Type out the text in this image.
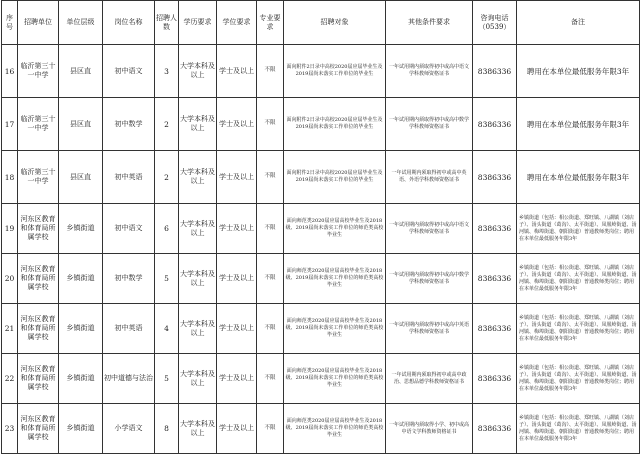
序号	招聘单位	单位层级	岗位名称	招聘人数	学历要求	学位要求	专业要求	招聘对象	其他条件要求	咨询电话（0539）	备注
16	临沂第三十一中学	县区直	初中语文	3	大学本科及以上	学士及以上	不限	面向附件2日录中高校2020届应届毕业生及2019届尚未落实工作单位的毕业生	一年试用期内须取得初中或高中语文学科教师资格证书	8386336	聘用在本单位最低服务年限3年
17	临沂第三十一中学	县区直	初中数学	2	大学本科及以上	学士及以上	不限	面向附件2日录中高校2020届应届毕业生及2019届尚未落实工作单位的毕业生	一年试用期内须取得初中或高中数学学科教师资格证书	8386336	聘用在本单位最低服务年限3年
18	临沂第三十一中学	县区直	初中英语	2	大学本科及以上	学士及以上	不限	面向附件2日录中高校2020届应届毕业生及2019届尚未落实工作单位的毕业生	一年试用期内须取得初中或高中英语、外语学科教师资格证书	8386336	聘用在本单位最低服务年限3年
19	河东区教育和体育局所属学校	乡镇街道	初中语文	6	大学本科及以上	学士及以上	不限	面向师范类2020届应届高校毕业生及2018级、2019届尚未落实工作单位的师范类高校毕业生	一年试用期内须取得初中或高中语文学科教师资格证书	8386336	乡镇街道（包括：相公街道、郑旺镇、八湖镇（刘店子）、汤头街道（葛沟）、太平街道）、凤凰岭街道、汤河镇、梅埠街道、朝阳街道）普通教师类岗位；聘用在本单位最低服务年限3年
20	河东区教育和体育局所属学校	乡镇街道	初中数学	5	大学本科及以上	学士及以上	不限	面向师范类2020届应届高校毕业生及2018级、2019届尚未落实工作单位的师范类高校毕业生	一年试用期内须取得初中或高中数学学科教师资格证书	8386336	乡镇街道（包括：相公街道、郑旺镇、八湖镇（刘店子）、汤头街道（葛沟）、太平街道）、凤凰岭街道、汤河镇、梅埠街道、朝阳街道）普通教师类岗位；聘用在本单位最低服务年限3年
21	河东区教育和体育局所属学校	乡镇街道	初中英语	4	大学本科及以上	学士及以上	不限	面向师范类2020届应届高校毕业生及2018级、2019届尚未落实工作单位的师范类高校毕业生	一年试用期内须取得初中或高中英语学科教师资格证书	8386336	乡镇街道（包括：相公街道、郑旺镇、八湖镇（刘店子）、汤头街道（葛沟）、太平街道）、凤凰岭街道、汤河镇、梅埠街道、朝阳街道）普通教师类岗位；聘用在本单位最低服务年限3年
22	河东区教育和体育局所属学校	乡镇街道	初中道德与法治	5	大学本科及以上	学士及以上	不限	面向师范类2020届应届高校毕业生及2018级、2019届尚未落实工作单位的师范类高校毕业生	一年试用期内须取得初中或高中政治、思想品德学科教师资格证书	8386336	乡镇街道（包括：相公街道、郑旺镇、八湖镇（刘店子）、汤头街道（葛沟）、太平街道）、凤凰岭街道、汤河镇、梅埠街道、朝阳街道）普通教师类岗位；聘用在本单位最低服务年限3年
23	河东区教育和体育局所属学校	乡镇街道	小学语文	8	大学本科及以上	学士及以上	不限	面向师范类2020届应届高校毕业生及2018级、2019届尚未落实工作单位的师范类高校毕业生	一年试用期内须取得小学、初中或高中语文学科教师资格证书	8386336	乡镇街道（包括：相公街道、郑旺镇、八湖镇（刘店子）、汤头街道（葛沟）、太平街道）、凤凰岭街道、汤河镇、梅埠街道、朝阳街道）普通教师类岗位；聘用在本单位最低服务年限3年
